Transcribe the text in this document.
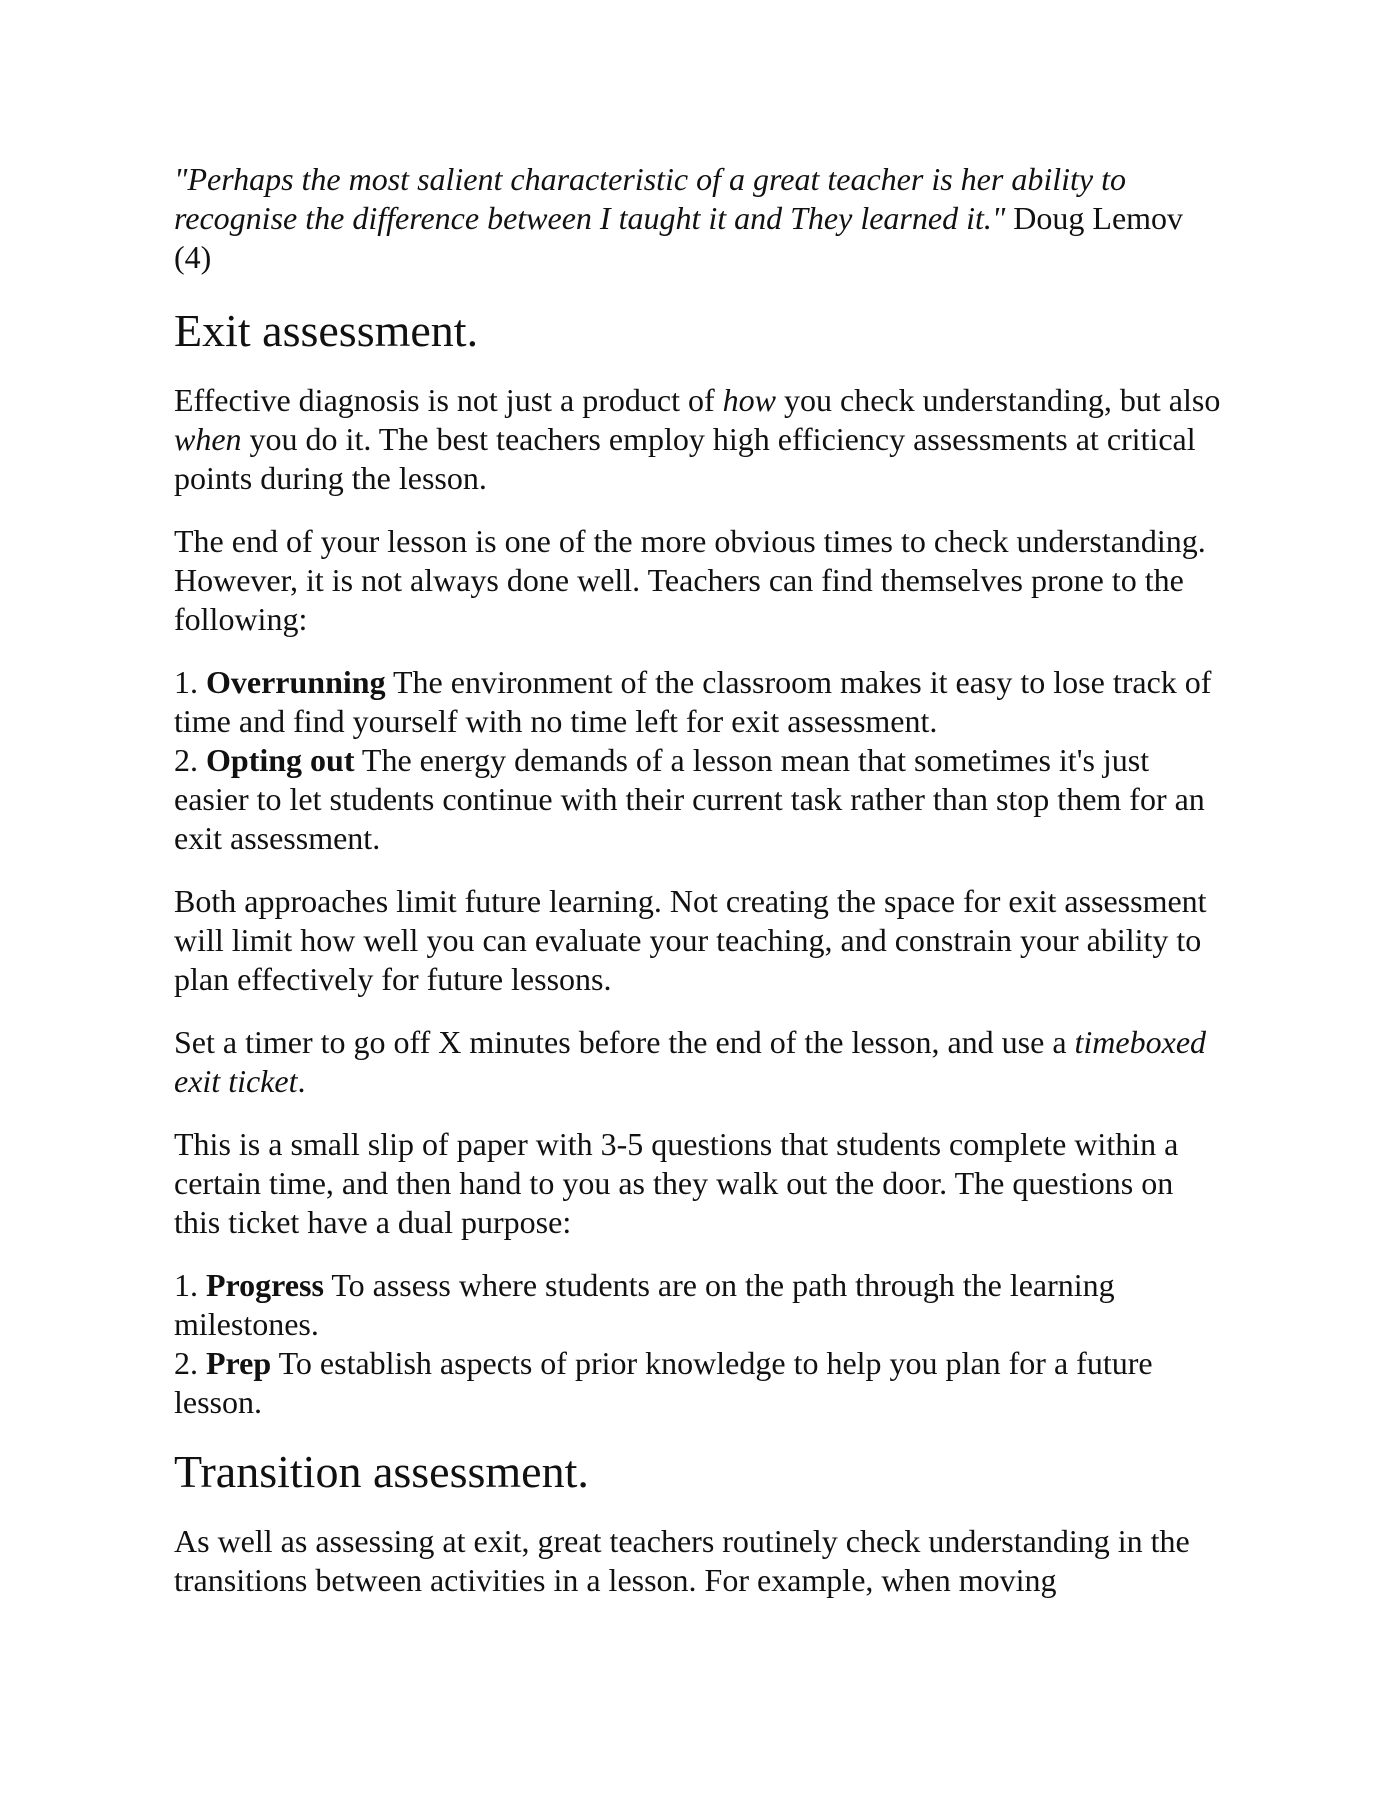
"Perhaps the most salient characteristic of a great teacher is her ability to recognise the difference between I taught it and They learned it." Doug Lemov (4)

Exit assessment.

Effective diagnosis is not just a product of how you check understanding, but also when you do it. The best teachers employ high efficiency assessments at critical points during the lesson.

The end of your lesson is one of the more obvious times to check understanding. However, it is not always done well. Teachers can find themselves prone to the following:

1. Overrunning The environment of the classroom makes it easy to lose track of time and find yourself with no time left for exit assessment.
2. Opting out The energy demands of a lesson mean that sometimes it's just easier to let students continue with their current task rather than stop them for an exit assessment.

Both approaches limit future learning. Not creating the space for exit assessment will limit how well you can evaluate your teaching, and constrain your ability to plan effectively for future lessons.

Set a timer to go off X minutes before the end of the lesson, and use a timeboxed exit ticket.

This is a small slip of paper with 3-5 questions that students complete within a certain time, and then hand to you as they walk out the door. The questions on this ticket have a dual purpose:

1. Progress To assess where students are on the path through the learning milestones.
2. Prep To establish aspects of prior knowledge to help you plan for a future lesson.
Transition assessment.

As well as assessing at exit, great teachers routinely check understanding in the transitions between activities in a lesson. For example, when moving
